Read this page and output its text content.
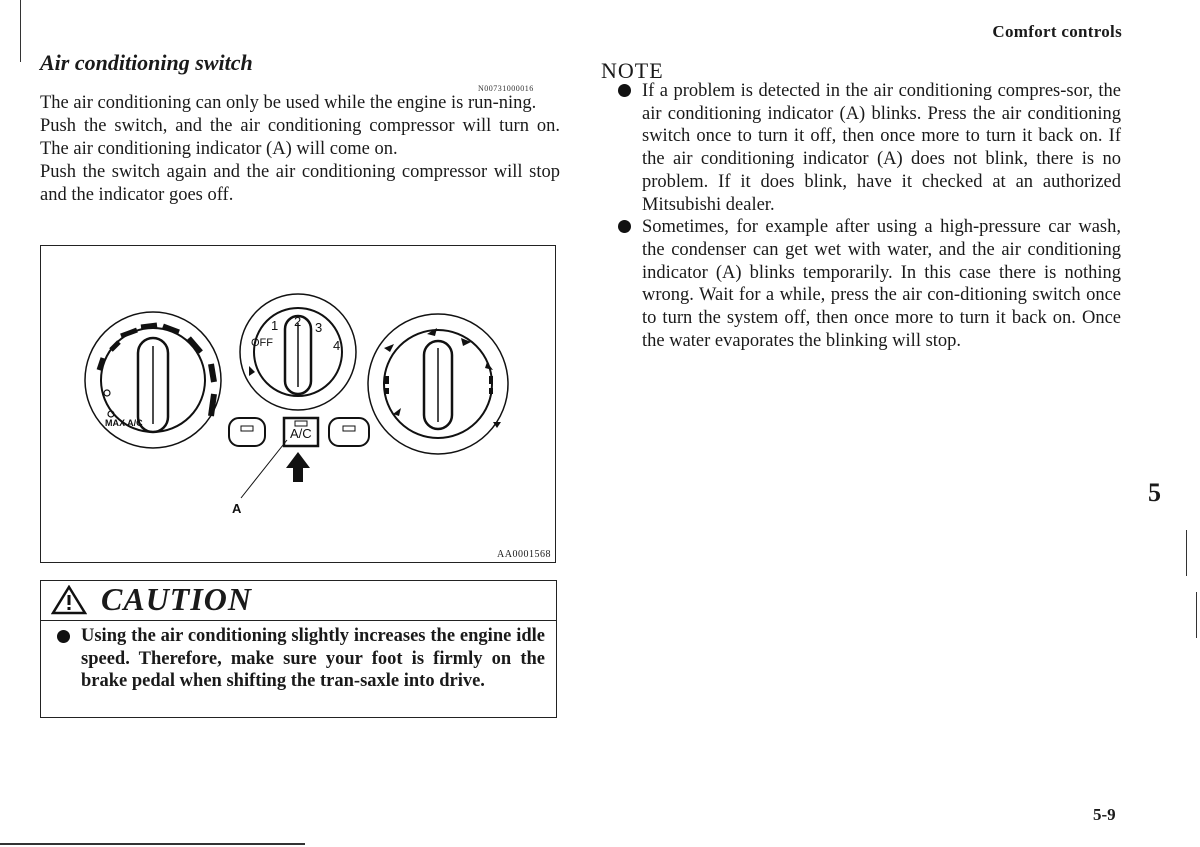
Comfort controls
Air conditioning switch
N00731000016

The air conditioning can only be used while the engine is run-ning.

Push the switch, and the air conditioning compressor will turn on. The air conditioning indicator (A) will come on.

Push the switch again and the air conditioning compressor will stop and the indicator goes off.

OFF
1 2 3
4
MAX A/C
A/C
A
AA0001568
CAUTION
Using the air conditioning slightly increases the engine idle speed. Therefore, make sure your foot is firmly on the brake pedal when shifting the tran-saxle into drive.
NOTE
If a problem is detected in the air conditioning compres-sor, the air conditioning indicator (A) blinks. Press the air conditioning switch once to turn it off, then once more to turn it back on. If the air conditioning indicator (A) does not blink, there is no problem. If it does blink, have it checked at an authorized Mitsubishi dealer.
Sometimes, for example after using a high-pressure car wash, the condenser can get wet with water, and the air conditioning indicator (A) blinks temporarily. In this case there is nothing wrong. Wait for a while, press the air con-ditioning switch once to turn the system off, then once more to turn it back on. Once the water evaporates the blinking will stop.
5
5-9
